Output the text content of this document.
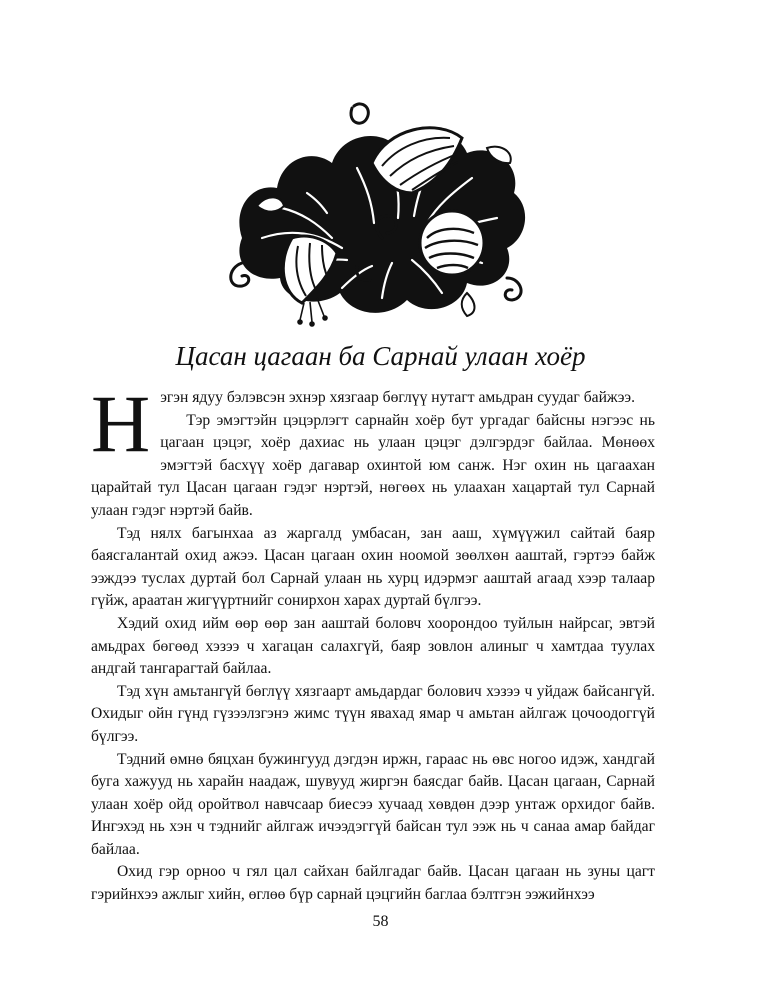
Цасан цагаан ба Сарнай улаан хоёр

Нэгэн ядуу бэлэвсэн эхнэр хязгаар бөглүү нутагт амьдран суудаг байжээ.

Тэр эмэгтэйн цэцэрлэгт сарнайн хоёр бут ургадаг байсны нэгээс нь цагаан цэцэг, хоёр дахиас нь улаан цэцэг дэлгэрдэг байлаа. Мөнөөх эмэгтэй басхүү хоёр дагавар охинтой юм санж. Нэг охин нь цагаахан царайтай тул Цасан цагаан гэдэг нэртэй, нөгөөх нь улаахан хацартай тул Сарнай улаан гэдэг нэртэй байв.

Тэд нялх багынхаа аз жаргалд умбасан, зан ааш, хүмүүжил сайтай баяр баясгалантай охид ажээ. Цасан цагаан охин ноомой зөөлхөн ааштай, гэртээ байж ээждээ туслах дуртай бол Сарнай улаан нь хурц идэрмэг ааштай агаад хээр талаар гүйж, араатан жигүүртнийг сонирхон харах дуртай бүлгээ.

Хэдий охид ийм өөр өөр зан ааштай боловч хоорондоо туйлын найрсаг, эвтэй амьдрах бөгөөд хэзээ ч хагацан салахгүй, баяр зовлон алиныг ч хамтдаа туулах андгай тангарагтай байлаа.

Тэд хүн амьтангүй бөглүү хязгаарт амьдардаг болович хэзээ ч уйдаж байсангүй. Охидыг ойн гүнд гүзээлзгэнэ жимс түүн явахад ямар ч амьтан айлгаж цочоодоггүй бүлгээ.

Тэдний өмнө бяцхан бужингууд дэгдэн иржн, гараас нь өвс ногоо идэж, хандгай буга хажууд нь харайн наадаж, шувууд жиргэн баясдаг байв. Цасан цагаан, Сарнай улаан хоёр ойд оройтвол навчсаар биесээ хучаад хөвдөн дээр унтаж орхидог байв. Ингэхэд нь хэн ч тэднийг айлгаж ичээдэггүй байсан тул ээж нь ч санаа амар байдаг байлаа.

Охид гэр орноо ч гял цал сайхан байлгадаг байв. Цасан цагаан нь зуны цагт гэрийнхээ ажлыг хийн, өглөө бүр сарнай цэцгийн баглаа бэлтгэн ээжийнхээ

58
